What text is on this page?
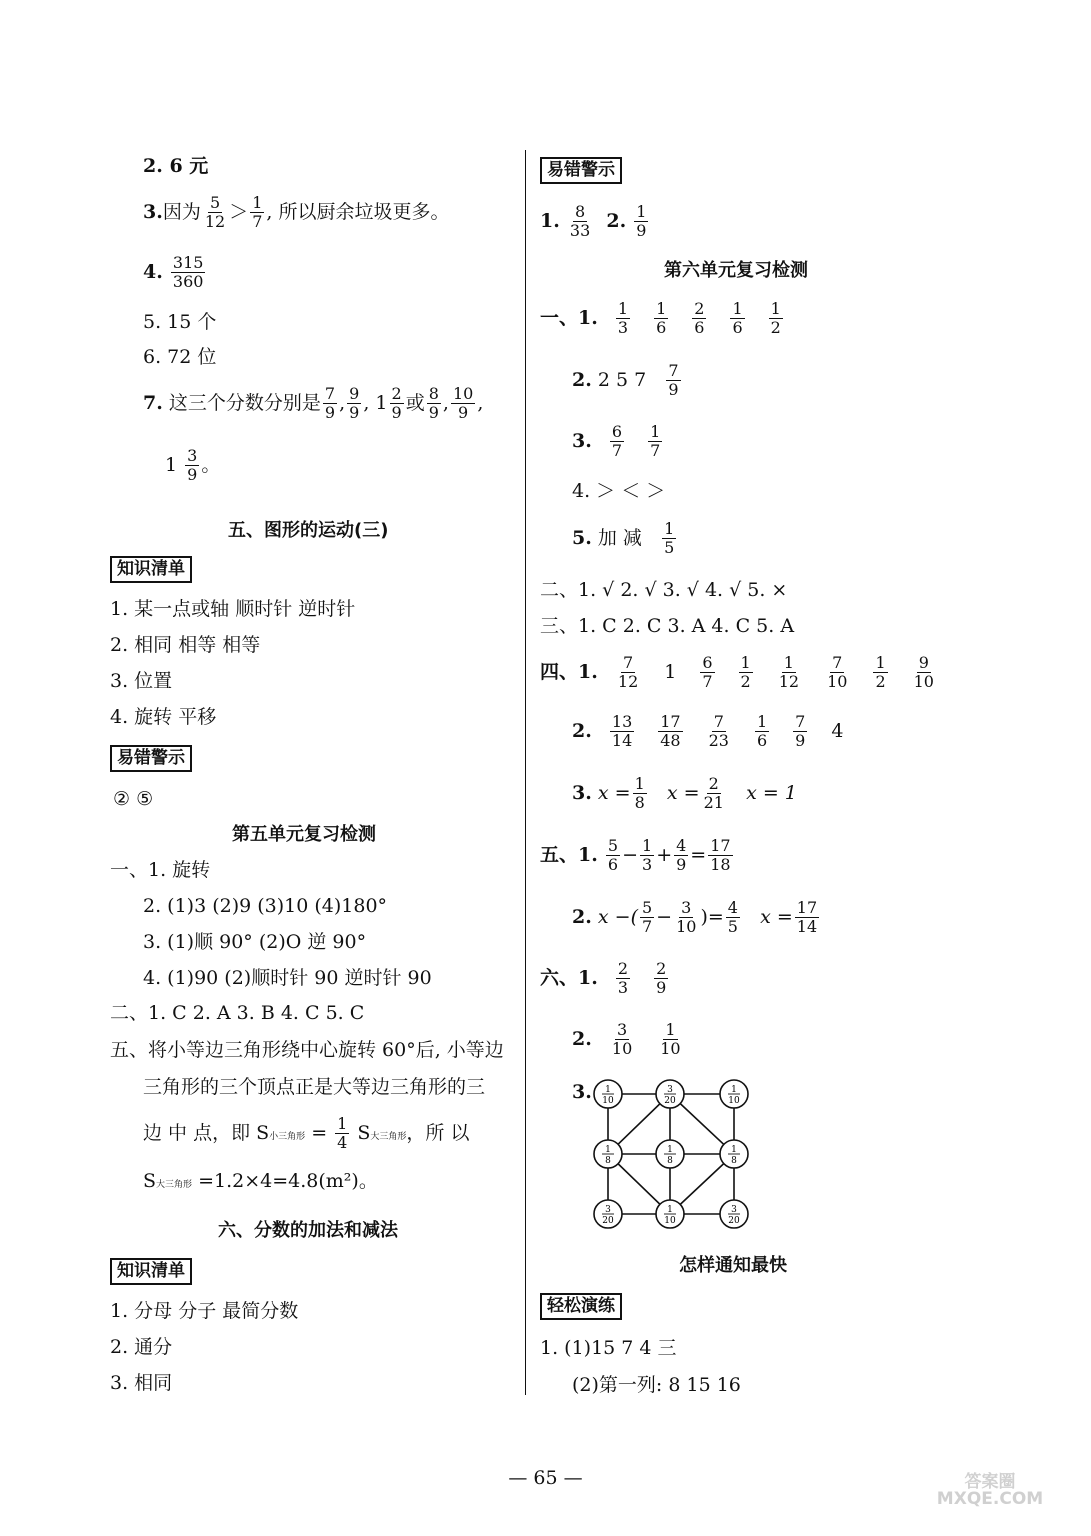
2. 6 元
3.因为 $\frac{5}{12} > \frac{1}{7}$ , 所以厨余垃圾更多。
4. $\frac{315}{360}$
5. 15 个
6. 72 位
7. 这三个分数分别是 $\frac{7}{9}$ , $\frac{9}{9}$ , $1 \frac{2}{9}$ 或 $\frac{8}{9}$ , $\frac{10}{9}$ ,
$1 \frac{3}{9}$ 。
五、图形的运动(三)
知识清单
1. 某一点或轴 顺时针 逆时针
2. 相同 相等 相等
3. 位置
4. 旋转 平移
易错警示
② ⑤
第五单元复习检测
一、1. 旋转
2. (1)3 (2)9 (3)10 (4)180°
3. (1)顺 90° (2)O 逆 90°
4. (1)90 (2)顺时针 90 逆时针 90
二、1. C 2. A 3. B 4. C 5. C
五、将小等边三角形绕中心旋转 60°后, 小等边
三角形的三个顶点正是大等边三角形的三
边 中 点，即 S小三角形 = $\frac{1}{4}$ S大三角形，所 以
S大三角形 =1.2×4=4.8(m²)。
六、分数的加法和减法
知识清单
1. 分母 分子 最简分数
2. 通分
3. 相同
易错警示
1. $\frac{8}{33} 2$. $\frac{1}{9}$
第六单元复习检测
一、1. $\frac{1}{3} \frac{1}{6} \frac{2}{6} \frac{1}{6} \frac{1}{2}$
2. 2 5 $7 \frac{7}{9}$
3. $\frac{6}{7} \frac{1}{7}$
4. ＞ ＜ ＞
5. 加 减 $\frac{1}{5}$
二、1. √ 2. √ 3. √ 4. √ 5. ×
三、1. C 2. C 3. A 4. C 5. A
四、1. $\frac{7}{12} 1 \frac{6}{7} \frac{1}{2} \frac{1}{12} \frac{7}{10} \frac{1}{2} \frac{9}{10}$
2. $\frac{13}{14} \frac{17}{48} \frac{7}{23} \frac{1}{6} \frac{7}{9} 4$
3. $x = \frac{1}{8}$ $x = \frac{2}{21}$ x = 1
五、1. $\frac{5}{6} - \frac{1}{3} + \frac{4}{9} = \frac{17}{18}$
2. x −( $\frac{5}{7} - \frac{3}{10}$ )= $\frac{4}{5}$ $x = \frac{17}{14}$
六、1. $\frac{2}{3} \frac{2}{9}$
2. $\frac{3}{10} \frac{1}{10}$
3. 1
10
3
20
1
10
1
8
1
8
1
8
3
20
1
10
3
20
怎样通知最快
轻松演练
1. (1)15 7 4 三
(2)第一列: 8 15 16
— 65 —	答案圈 MXQE.COM
